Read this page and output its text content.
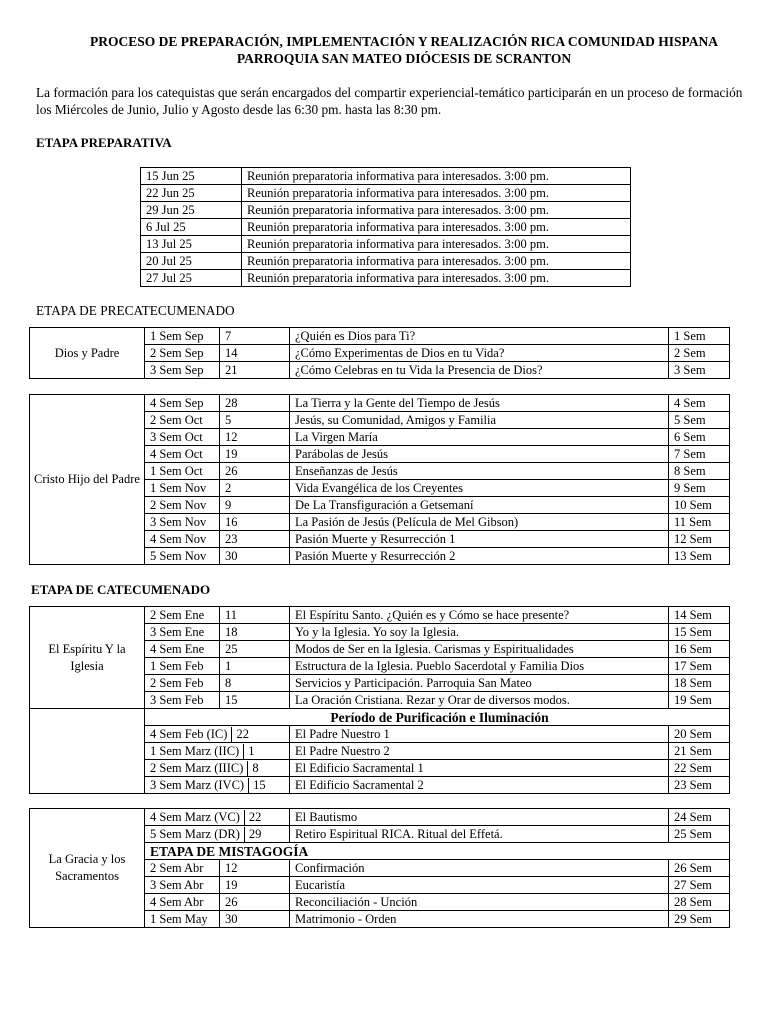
PROCESO DE PREPARACIÓN, IMPLEMENTACIÓN Y REALIZACIÓN RICA COMUNIDAD HISPANA
PARROQUIA SAN MATEO DIÓCESIS DE SCRANTON
La formación para los catequistas que serán encargados del compartir experiencial-temático participarán en un proceso de formación los Miércoles de Junio, Julio y Agosto desde las 6:30 pm. hasta las 8:30 pm.
ETAPA PREPARATIVA
15 Jun 25	Reunión preparatoria informativa para interesados. 3:00 pm.
22 Jun 25	Reunión preparatoria informativa para interesados. 3:00 pm.
29 Jun 25	Reunión preparatoria informativa para interesados. 3:00 pm.
6 Jul 25	Reunión preparatoria informativa para interesados. 3:00 pm.
13 Jul 25	Reunión preparatoria informativa para interesados. 3:00 pm.
20 Jul 25	Reunión preparatoria informativa para interesados. 3:00 pm.
27 Jul 25	Reunión preparatoria informativa para interesados. 3:00 pm.
ETAPA DE PRECATECUMENADO
Dios y Padre	1 Sem Sep	7	¿Quién es Dios para Ti?	1 Sem
	2 Sem Sep	14	¿Cómo Experimentas de Dios en tu Vida?	2 Sem
	3 Sem Sep	21	¿Cómo Celebras en tu Vida la Presencia de Dios?	3 Sem
Cristo Hijo del Padre	4 Sem Sep	28	La Tierra y la Gente del Tiempo de Jesús	4 Sem
	2 Sem Oct	5	Jesús, su Comunidad, Amigos y Familia	5 Sem
	3 Sem Oct	12	La Virgen María	6 Sem
	4 Sem Oct	19	Parábolas de Jesús	7 Sem
	1 Sem Oct	26	Enseñanzas de Jesús	8 Sem
	1 Sem Nov	2	Vida Evangélica de los Creyentes	9 Sem
	2 Sem Nov	9	De La Transfiguración a Getsemaní	10 Sem
	3 Sem Nov	16	La Pasión de Jesús (Película de Mel Gibson)	11 Sem
	4 Sem Nov	23	Pasión Muerte y Resurrección 1	12 Sem
	5 Sem Nov	30	Pasión Muerte y Resurrección 2	13 Sem
ETAPA DE CATECUMENADO
El Espíritu Y la Iglesia	2 Sem Ene	11	El Espíritu Santo. ¿Quién es y Cómo se hace presente?	14 Sem
	3 Sem Ene	18	Yo y la Iglesia. Yo soy la Iglesia.	15 Sem
	4 Sem Ene	25	Modos de Ser en la Iglesia. Carismas y Espiritualidades	16 Sem
	1 Sem Feb	1	Estructura de la Iglesia. Pueblo Sacerdotal y Familia Dios	17 Sem
	2 Sem Feb	8	Servicios y Participación. Parroquia San Mateo	18 Sem
	3 Sem Feb	15	La Oración Cristiana. Rezar y Orar de diversos modos.	19 Sem
	Período de Purificación e Iluminación			
	4 Sem Feb (IC) 22		El Padre Nuestro 1	20 Sem
	1 Sem Marz (IIC) 1		El Padre Nuestro 2	21 Sem
	2 Sem Marz (IIIC) 8		El Edificio Sacramental 1	22 Sem
	3 Sem Marz (IVC) 15		El Edificio Sacramental 2	23 Sem
La Gracia y los Sacramentos	4 Sem Marz (VC) 22		El Bautismo	24 Sem
	5 Sem Marz (DR) 29		Retiro Espiritual RICA. Ritual del Effetá.	25 Sem
	ETAPA DE MISTAGOGÍA			
	2 Sem Abr	12	Confirmación	26 Sem
	3 Sem Abr	19	Eucaristía	27 Sem
	4 Sem Abr	26	Reconciliación - Unción	28 Sem
	1 Sem May	30	Matrimonio - Orden	29 Sem
